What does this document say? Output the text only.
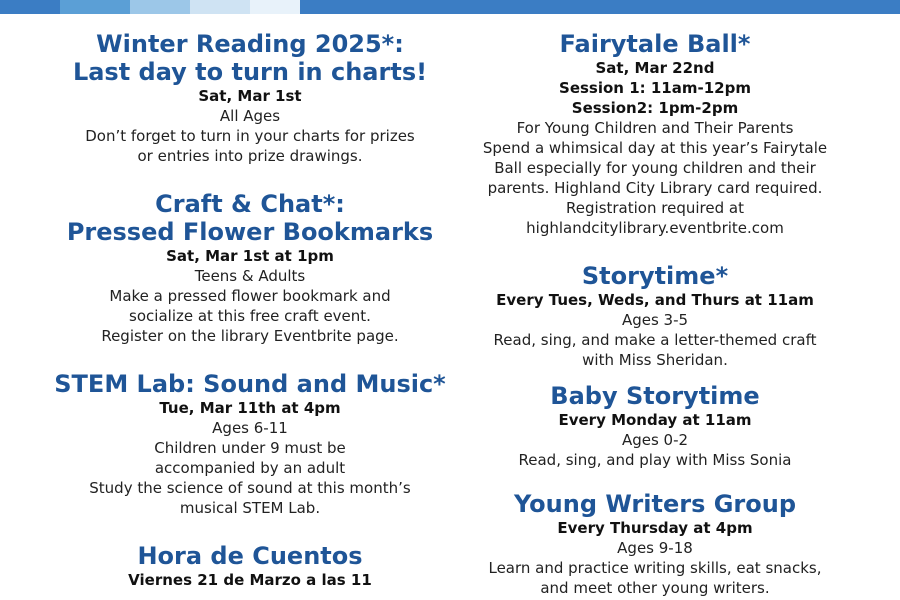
Winter Reading 2025*:

Last day to turn in charts!

Sat, Mar 1st

All Ages

Don’t forget to turn in your charts for prizes

or entries into prize drawings.

Craft & Chat*:

Pressed Flower Bookmarks

Sat, Mar 1st at 1pm

Teens & Adults

Make a pressed flower bookmark and

socialize at this free craft event.

Register on the library Eventbrite page.

STEM Lab: Sound and Music*

Tue, Mar 11th at 4pm

Ages 6-11

Children under 9 must be

accompanied by an adult

Study the science of sound at this month’s

musical STEM Lab.

Hora de Cuentos

Viernes 21 de Marzo a las 11

Fairytale Ball*

Sat, Mar 22nd

Session 1: 11am-12pm

Session2: 1pm-2pm

For Young Children and Their Parents

Spend a whimsical day at this year’s Fairytale

Ball especially for young children and their

parents. Highland City Library card required.

Registration required at

highlandcitylibrary.eventbrite.com

Storytime*

Every Tues, Weds, and Thurs at 11am

Ages 3-5

Read, sing, and make a letter-themed craft

with Miss Sheridan.

Baby Storytime

Every Monday at 11am

Ages 0-2

Read, sing, and play with Miss Sonia

Young Writers Group

Every Thursday at 4pm

Ages 9-18

Learn and practice writing skills, eat snacks,

and meet other young writers.
